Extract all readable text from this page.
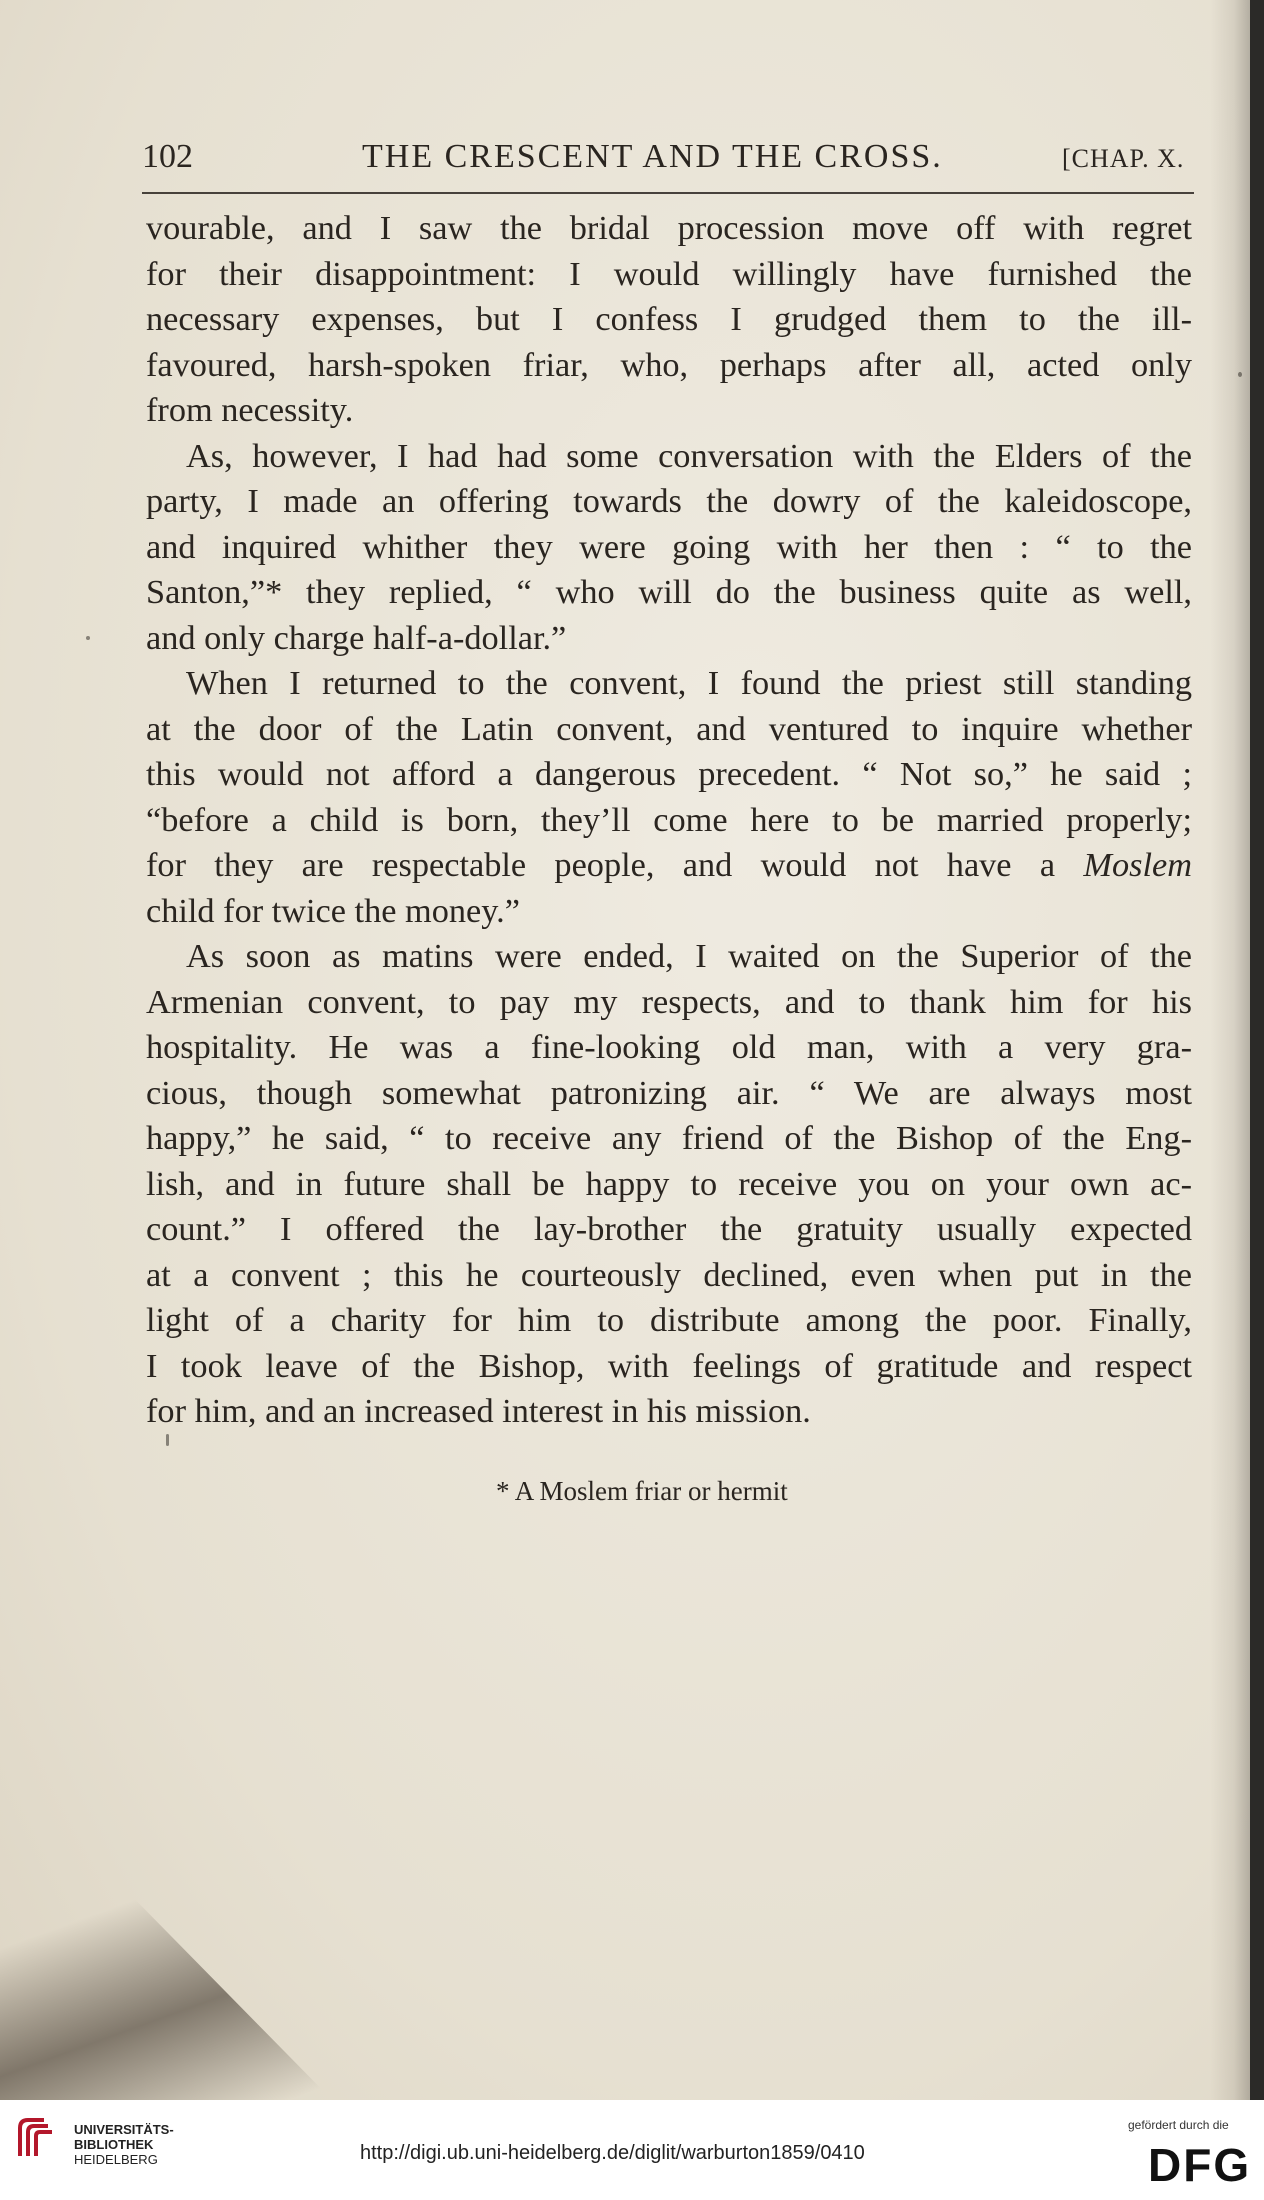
102	THE CRESCENT AND THE CROSS.	[CHAP. X.
vourable, and I saw the bridal procession move off with regret
for their disappointment: I would willingly have furnished the
necessary expenses, but I confess I grudged them to the ill-
favoured, harsh-spoken friar, who, perhaps after all, acted only
from necessity.
As, however, I had had some conversation with the Elders of the
party, I made an offering towards the dowry of the kaleidoscope,
and inquired whither they were going with her then : “ to the
Santon,”* they replied, “ who will do the business quite as well,
and only charge half-a-dollar.”
When I returned to the convent, I found the priest still standing
at the door of the Latin convent, and ventured to inquire whether
this would not afford a dangerous precedent. “ Not so,” he said ;
“before a child is born, they’ll come here to be married properly;
for they are respectable people, and would not have a Moslem
child for twice the money.”
As soon as matins were ended, I waited on the Superior of the
Armenian convent, to pay my respects, and to thank him for his
hospitality. He was a fine-looking old man, with a very gra-
cious, though somewhat patronizing air. “ We are always most
happy,” he said, “ to receive any friend of the Bishop of the Eng-
lish, and in future shall be happy to receive you on your own ac-
count.” I offered the lay-brother the gratuity usually expected
at a convent ; this he courteously declined, even when put in the
light of a charity for him to distribute among the poor. Finally,
I took leave of the Bishop, with feelings of gratitude and respect
for him, and an increased interest in his mission.
* A Moslem friar or hermit
UNIVERSITÄTS-
BIBLIOTHEK
HEIDELBERG	http://digi.ub.uni-heidelberg.de/diglit/warburton1859/0410
gefördert durch die
DFG
